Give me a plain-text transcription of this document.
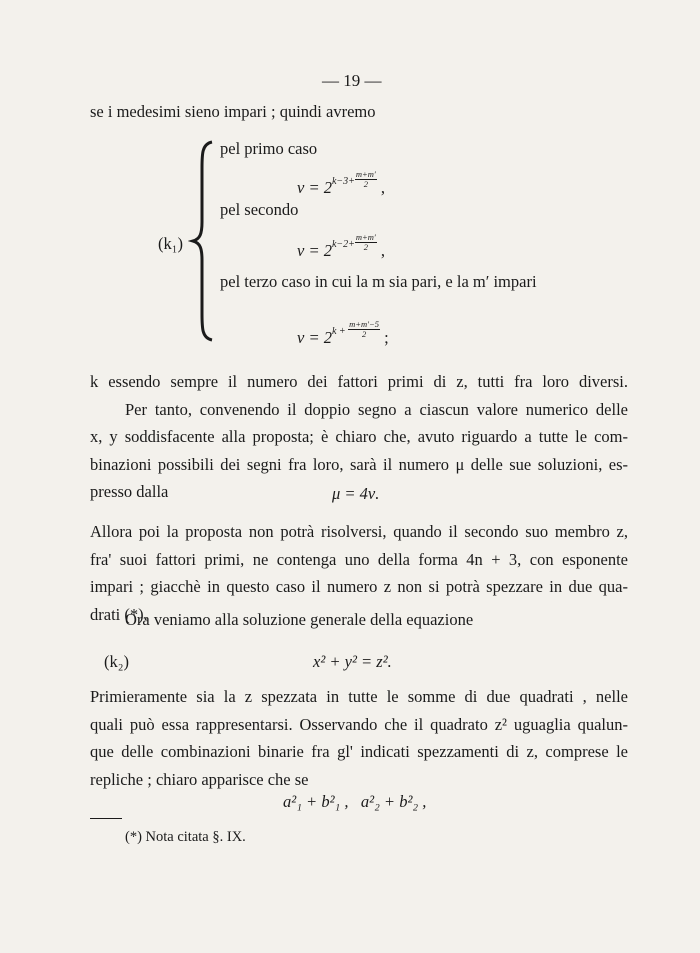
— 19 —
se i medesimi sieno impari ; quindi avremo
(k₁)
pel primo caso
$\nu = 2^{k-3+} \frac{m+m'}{2}$ ,
pel secondo
$\nu = 2^{k-2+} \frac{m+m'}{2}$ ,
pel terzo caso in cui la m sia pari, e la m′ impari
$\nu = 2^{k +} \frac{m+m'-5}{2}$ ;
k essendo sempre il numero dei fattori primi di z, tutti fra loro diversi.
Per tanto, convenendo il doppio segno a ciascun valore numerico delle
x, y soddisfacente alla proposta; è chiaro che, avuto riguardo a tutte le com-
binazioni possibili dei segni fra loro, sarà il numero μ delle sue soluzioni, es-
presso dalla	μ = 4ν.
Allora poi la proposta non potrà risolversi, quando il secondo suo membro z,
fra' suoi fattori primi, ne contenga uno della forma 4n + 3, con esponente
impari ; giacchè in questo caso il numero z non si potrà spezzare in due qua-
drati (*).
Ora veniamo alla soluzione generale della equazione
(k₂)	x² + y² = z².
Primieramente sia la z spezzata in tutte le somme di due quadrati , nelle
quali può essa rappresentarsi. Osservando che il quadrato z² uguaglia qualun-
que delle combinazioni binarie fra gl' indicati spezzamenti di z, comprese le
repliche ; chiaro apparisce che se
a²₁ + b²₁ ,   a²₂ + b²₂ ,
(*) Nota citata §. IX.
